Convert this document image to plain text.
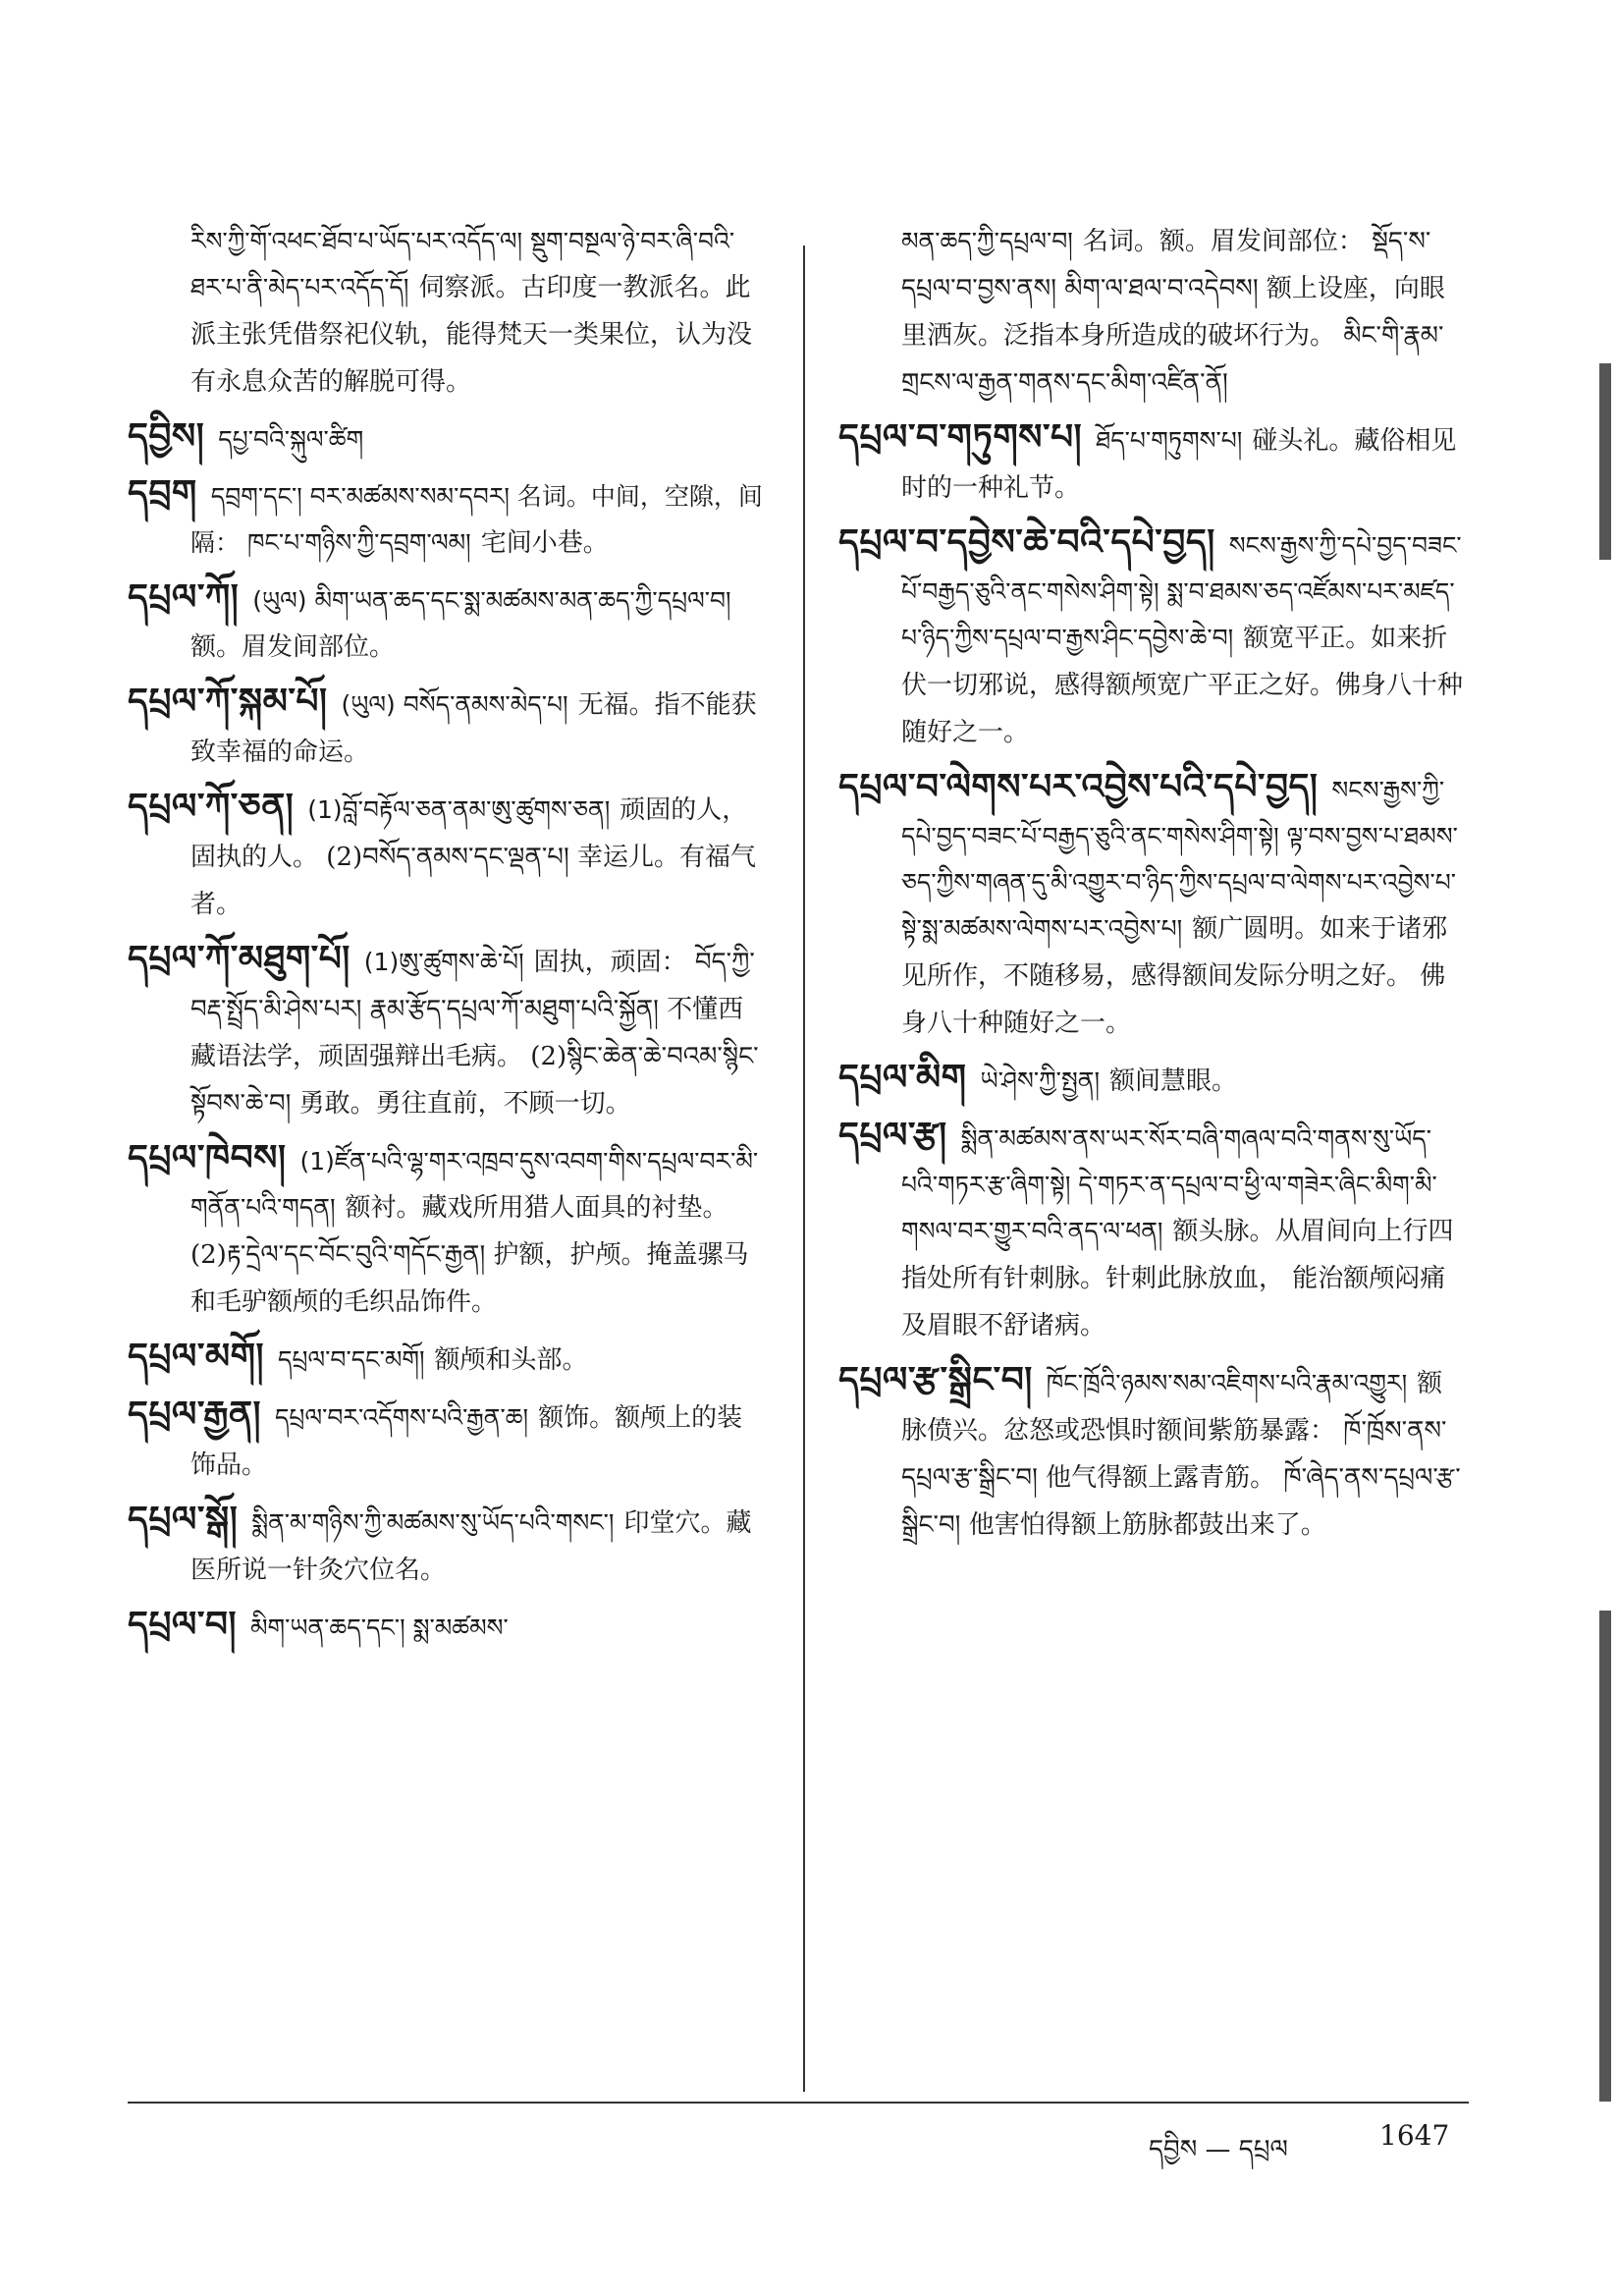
རིས་ཀྱི་གོ་འཕང་ཐོབ་པ་ཡོད་པར་འདོད་ལ། སྡུག་བསྔལ་ཉེ་བར་ཞི་བའི་ཐར་པ་ནི་མེད་པར་འདོད་དོ། 伺察派。古印度一教派名。此派主张凭借祭祀仪轨，能得梵天一类果位，认为没有永息众苦的解脱可得。
དབྱིས། དཔྱ་བའི་སྐུལ་ཚིག
དབྲག དབྲག་དང་། བར་མཚམས་སམ་དབར། 名词。中间，空隙，间隔： ཁང་པ་གཉིས་ཀྱི་དབྲག་ལམ། 宅间小巷。
དཔྲལ་ཀོ། (ཡུལ) མིག་ཡན་ཆད་དང་སྨ་མཚམས་མན་ཆད་ཀྱི་དཔྲལ་བ།额。眉发间部位。
དཔྲལ་ཀོ་སྐམ་པོ། (ཡུལ) བསོད་ནམས་མེད་པ། 无福。指不能获致幸福的命运。
དཔྲལ་ཀོ་ཅན། (1)བློ་བརྟོལ་ཅན་ནམ་ཨུ་ཚུགས་ཅན། 顽固的人，固执的人。 (2)བསོད་ནམས་དང་ལྡན་པ། 幸运儿。有福气者。
དཔྲལ་ཀོ་མཐུག་པོ། (1)ཨུ་ཚུགས་ཆེ་པོ། 固执，顽固： བོད་ཀྱི་བརྡ་སྤྲོད་མི་ཤེས་པར། རྣམ་རྩོད་དཔྲལ་ཀོ་མཐུག་པའི་སྐྱོན། 不懂西藏语法学，顽固强辩出毛病。 (2)སྙིང་ཆེན་ཆེ་བའམ་སྙིང་སྟོབས་ཆེ་བ། 勇敢。勇往直前，不顾一切。
དཔྲལ་ཁེབས། (1)ཛོན་པའི་ལྷ་གར་འཁྲབ་དུས་འབག་གིས་དཔྲལ་བར་མི་གནོན་པའི་གདན། 额衬。藏戏所用猎人面具的衬垫。 (2)རྟ་དྲེལ་དང་བོང་བུའི་གདོང་རྒྱན། 护额，护颅。掩盖骡马和毛驴额颅的毛织品饰件。
དཔྲལ་མགོ། དཔྲལ་བ་དང་མགོ། 额颅和头部。
དཔྲལ་རྒྱན། དཔྲལ་བར་འདོགས་པའི་རྒྱན་ཆ། 额饰。额颅上的装饰品。
དཔྲལ་སྒོ། སྨིན་མ་གཉིས་ཀྱི་མཚམས་སུ་ཡོད་པའི་གསང་། 印堂穴。藏医所说一针灸穴位名。
དཔྲལ་བ། མིག་ཡན་ཆད་དང་། སྨ་མཚམས་
མན་ཆད་ཀྱི་དཔྲལ་བ། 名词。额。眉发间部位： སྡོད་ས་དཔྲལ་བ་བྱས་ནས། མིག་ལ་ཐལ་བ་འདེབས། 额上设座，向眼里洒灰。泛指本身所造成的破坏行为。 མིང་གི་རྣམ་གྲངས་ལ་རྒྱན་གནས་དང་མིག་འཛིན་ནོ།
དཔྲལ་བ་གཏུགས་པ། ཐོད་པ་གཏུགས་པ། 碰头礼。藏俗相见时的一种礼节。
དཔྲལ་བ་དབྱེས་ཆེ་བའི་དཔེ་བྱད། སངས་རྒྱས་ཀྱི་དཔེ་བྱད་བཟང་པོ་བརྒྱད་ཅུའི་ནང་གསེས་ཤིག་སྟེ། སྨ་བ་ཐམས་ཅད་འཛོམས་པར་མཛད་པ་ཉིད་ཀྱིས་དཔྲལ་བ་རྒྱས་ཤིང་དབྱེས་ཆེ་བ། 额宽平正。如来折伏一切邪说，感得额颅宽广平正之好。佛身八十种随好之一。
དཔྲལ་བ་ལེགས་པར་འབྱེས་པའི་དཔེ་བྱད། སངས་རྒྱས་ཀྱི་དཔེ་བྱད་བཟང་པོ་བརྒྱད་ཅུའི་ནང་གསེས་ཤིག་སྟེ། ལྟ་བས་བྱས་པ་ཐམས་ཅད་ཀྱིས་གཞན་དུ་མི་འགྱུར་བ་ཉིད་ཀྱིས་དཔྲལ་བ་ལེགས་པར་འབྱེས་པ་སྟེ་སྨ་མཚམས་ལེགས་པར་འབྱེས་པ། 额广圆明。如来于诸邪见所作，不随移易，感得额间发际分明之好。 佛身八十种随好之一。
དཔྲལ་མིག ཡེ་ཤེས་ཀྱི་སྤྱན། 额间慧眼。
དཔྲལ་རྩ། སྨིན་མཚམས་ནས་ཡར་སོར་བཞི་གཞལ་བའི་གནས་སུ་ཡོད་པའི་གཏར་རྩ་ཞིག་སྟེ། དེ་གཏར་ན་དཔྲལ་བ་ཕྱི་ལ་གཟེར་ཞིང་མིག་མི་གསལ་བར་གྱུར་བའི་ནད་ལ་ཕན། 额头脉。从眉间向上行四指处所有针刺脉。针刺此脉放血， 能治额颅闷痛及眉眼不舒诸病。
དཔྲལ་རྩ་སྒྲིང་བ། ཁོང་ཁྲོའི་ཉམས་སམ་འཇིགས་པའི་རྣམ་འགྱུར། 额脉偾兴。忿怒或恐惧时额间紫筋暴露： ཁོ་ཁྲོས་ནས་དཔྲལ་རྩ་སྒྲིང་བ། 他气得额上露青筋。 ཁོ་ཞེད་ནས་དཔྲལ་རྩ་སྒྲིང་བ། 他害怕得额上筋脉都鼓出来了。
དབྱིས — དཔྲལ	1647
